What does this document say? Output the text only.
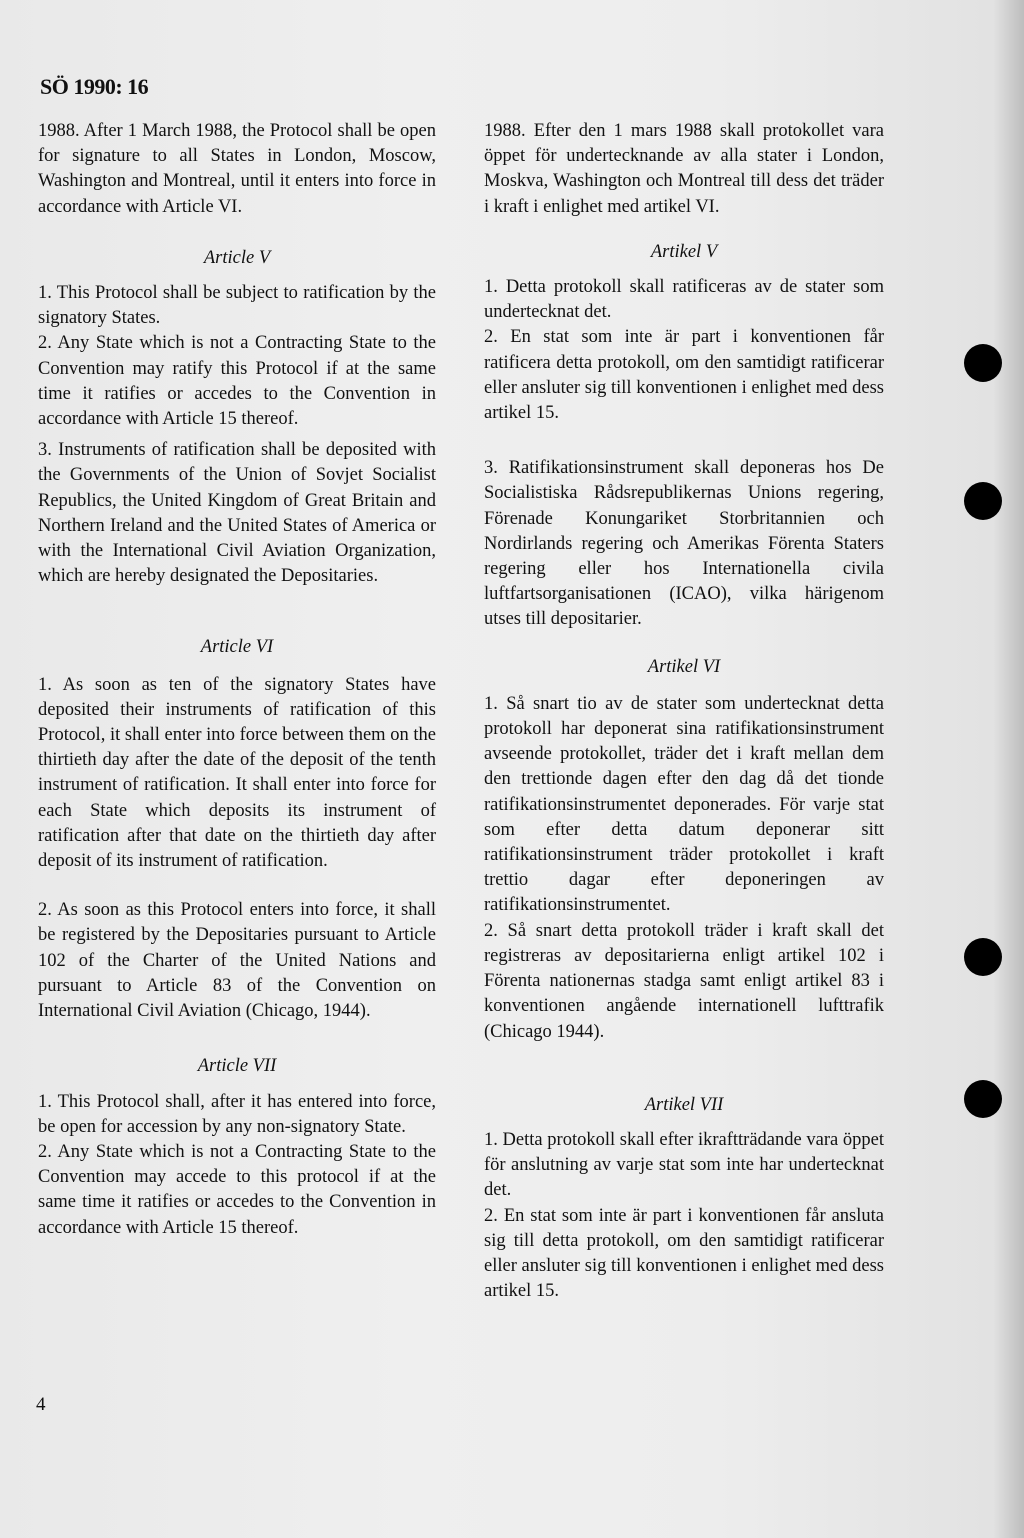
SÖ 1990: 16

1988. After 1 March 1988, the Protocol shall be open for signature to all States in London, Moscow, Washington and Montreal, until it enters into force in accordance with Article VI.

Article V

1. This Protocol shall be subject to ratification by the signatory States.

2. Any State which is not a Contracting State to the Convention may ratify this Protocol if at the same time it ratifies or accedes to the Convention in accordance with Article 15 thereof.

3. Instruments of ratification shall be deposited with the Governments of the Union of Sovjet Socialist Republics, the United Kingdom of Great Britain and Northern Ireland and the United States of America or with the International Civil Aviation Organization, which are hereby designated the Depositaries.

Article VI

1. As soon as ten of the signatory States have deposited their instruments of ratification of this Protocol, it shall enter into force between them on the thirtieth day after the date of the deposit of the tenth instrument of ratification. It shall enter into force for each State which deposits its instrument of ratification after that date on the thirtieth day after deposit of its instrument of ratification.

2. As soon as this Protocol enters into force, it shall be registered by the Depositaries pursuant to Article 102 of the Charter of the United Nations and pursuant to Article 83 of the Convention on International Civil Aviation (Chicago, 1944).

Article VII

1. This Protocol shall, after it has entered into force, be open for accession by any non-signatory State.

2. Any State which is not a Contracting State to the Convention may accede to this protocol if at the same time it ratifies or accedes to the Convention in accordance with Article 15 thereof.

1988. Efter den 1 mars 1988 skall protokollet vara öppet för undertecknande av alla stater i London, Moskva, Washington och Montreal till dess det träder i kraft i enlighet med artikel VI.

Artikel V

1. Detta protokoll skall ratificeras av de stater som undertecknat det.

2. En stat som inte är part i konventionen får ratificera detta protokoll, om den samtidigt ratificerar eller ansluter sig till konventionen i enlighet med dess artikel 15.

3. Ratifikationsinstrument skall deponeras hos De Socialistiska Rådsrepublikernas Unions regering, Förenade Konungariket Storbritannien och Nordirlands regering och Amerikas Förenta Staters regering eller hos Internationella civila luftfartsorganisationen (ICAO), vilka härigenom utses till depositarier.

Artikel VI

1. Så snart tio av de stater som undertecknat detta protokoll har deponerat sina ratifikationsinstrument avseende protokollet, träder det i kraft mellan dem den trettionde dagen efter den dag då det tionde ratifikationsinstrumentet deponerades. För varje stat som efter detta datum deponerar sitt ratifikationsinstrument träder protokollet i kraft trettio dagar efter deponeringen av ratifikationsinstrumentet.

2. Så snart detta protokoll träder i kraft skall det registreras av depositarierna enligt artikel 102 i Förenta nationernas stadga samt enligt artikel 83 i konventionen angående internationell lufttrafik (Chicago 1944).

Artikel VII

1. Detta protokoll skall efter ikraftträdande vara öppet för anslutning av varje stat som inte har undertecknat det.

2. En stat som inte är part i konventionen får ansluta sig till detta protokoll, om den samtidigt ratificerar eller ansluter sig till konventionen i enlighet med dess artikel 15.

4
